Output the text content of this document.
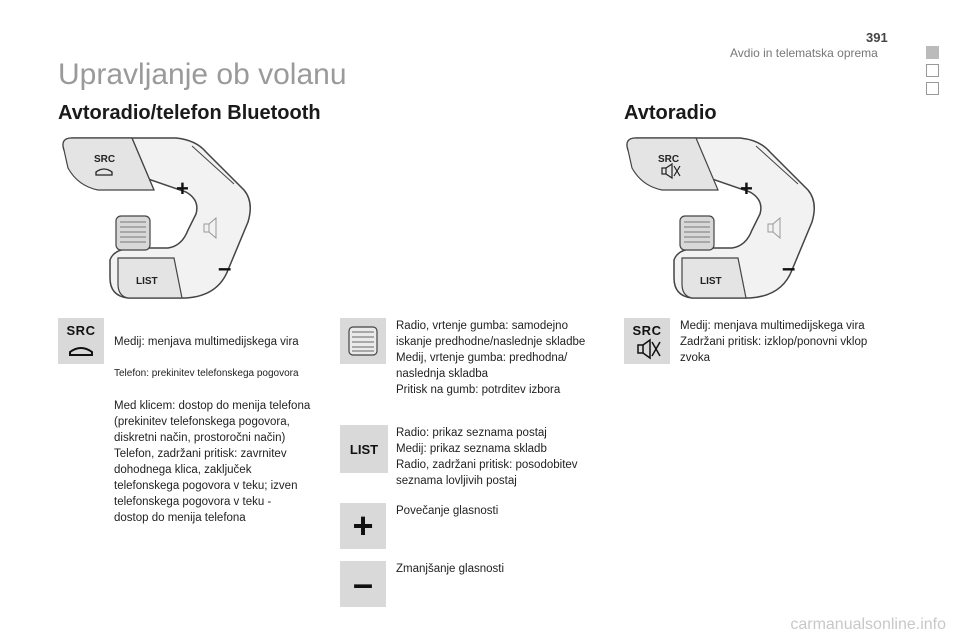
391
Avdio in telematska oprema
Upravljanje ob volanu
Avtoradio/telefon Bluetooth	Avtoradio
SRC
+
LIST	–
SRC
+
LIST	–
SRC

Medij: menjava multimedijskega vira

Telefon: prekinitev telefonskega pogovora

Med klicem: dostop do menija telefona
(prekinitev telefonskega pogovora,
diskretni način, prostoročni način)
Telefon, zadržani pritisk: zavrnitev
dohodnega klica, zaključek
telefonskega pogovora v teku; izven
telefonskega pogovora v teku -
dostop do menija telefona

Radio, vrtenje gumba: samodejno
iskanje predhodne/naslednje skladbe
Medij, vrtenje gumba: predhodna/
naslednja skladba
Pritisk na gumb: potrditev izbora
LIST
Radio: prikaz seznama postaj
Medij: prikaz seznama skladb
Radio, zadržani pritisk: posodobitev
seznama lovljivih postaj
+	Povečanje glasnosti
–	Zmanjšanje glasnosti
SRC	Medij: menjava multimedijskega vira
Zadržani pritisk: izklop/ponovni vklop
zvoka
carmanualsonline.info
